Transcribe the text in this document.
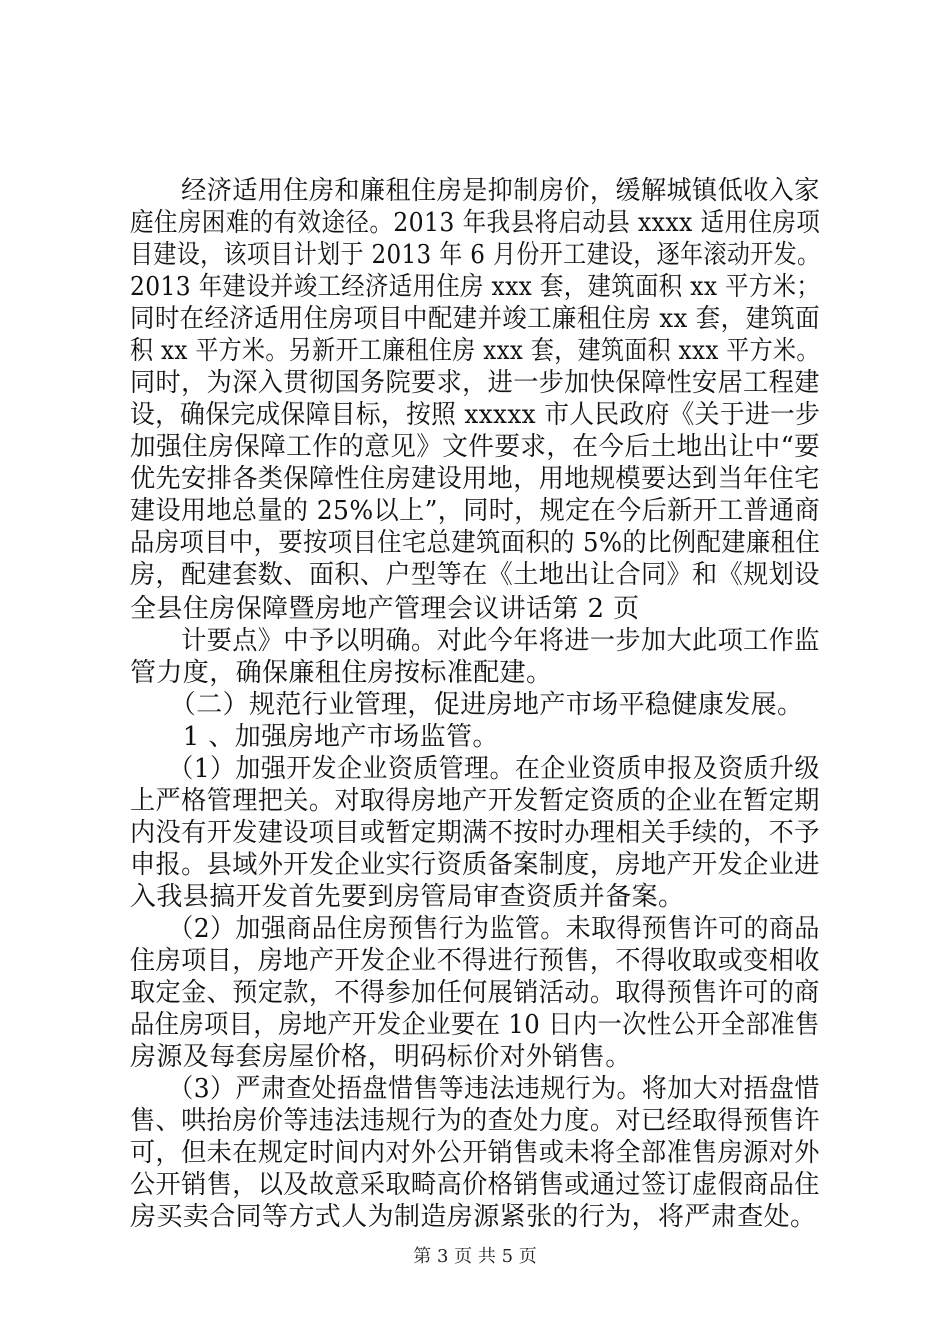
　　经济适用住房和廉租住房是抑制房价，缓解城镇低收入家
庭住房困难的有效途径。2013 年我县将启动县 xxxx 适用住房项
目建设，该项目计划于 2013 年 6 月份开工建设，逐年滚动开发。
2013 年建设并竣工经济适用住房 xxx 套，建筑面积 xx 平方米；
同时在经济适用住房项目中配建并竣工廉租住房 xx 套，建筑面
积 xx 平方米。另新开工廉租住房 xxx 套，建筑面积 xxx 平方米。
同时，为深入贯彻国务院要求，进一步加快保障性安居工程建
设，确保完成保障目标，按照 xxxxx 市人民政府《关于进一步
加强住房保障工作的意见》文件要求，在今后土地出让中“要
优先安排各类保障性住房建设用地，用地规模要达到当年住宅
建设用地总量的 25%以上”，同时，规定在今后新开工普通商
品房项目中，要按项目住宅总建筑面积的 5%的比例配建廉租住
房，配建套数、面积、户型等在《土地出让合同》和《规划设
全县住房保障暨房地产管理会议讲话第 2 页
　　计要点》中予以明确。对此今年将进一步加大此项工作监
管力度，确保廉租住房按标准配建。
　　（二）规范行业管理，促进房地产市场平稳健康发展。
　　1 、加强房地产市场监管。
　　（1）加强开发企业资质管理。在企业资质申报及资质升级
上严格管理把关。对取得房地产开发暂定资质的企业在暂定期
内没有开发建设项目或暂定期满不按时办理相关手续的，不予
申报。县域外开发企业实行资质备案制度，房地产开发企业进
入我县搞开发首先要到房管局审查资质并备案。
　　（2）加强商品住房预售行为监管。未取得预售许可的商品
住房项目，房地产开发企业不得进行预售，不得收取或变相收
取定金、预定款，不得参加任何展销活动。取得预售许可的商
品住房项目，房地产开发企业要在 10 日内一次性公开全部准售
房源及每套房屋价格，明码标价对外销售。
　　（3）严肃查处捂盘惜售等违法违规行为。将加大对捂盘惜
售、哄抬房价等违法违规行为的查处力度。对已经取得预售许
可，但未在规定时间内对外公开销售或未将全部准售房源对外
公开销售，以及故意采取畸高价格销售或通过签订虚假商品住
房买卖合同等方式人为制造房源紧张的行为，将严肃查处。
第 3 页 共 5 页
